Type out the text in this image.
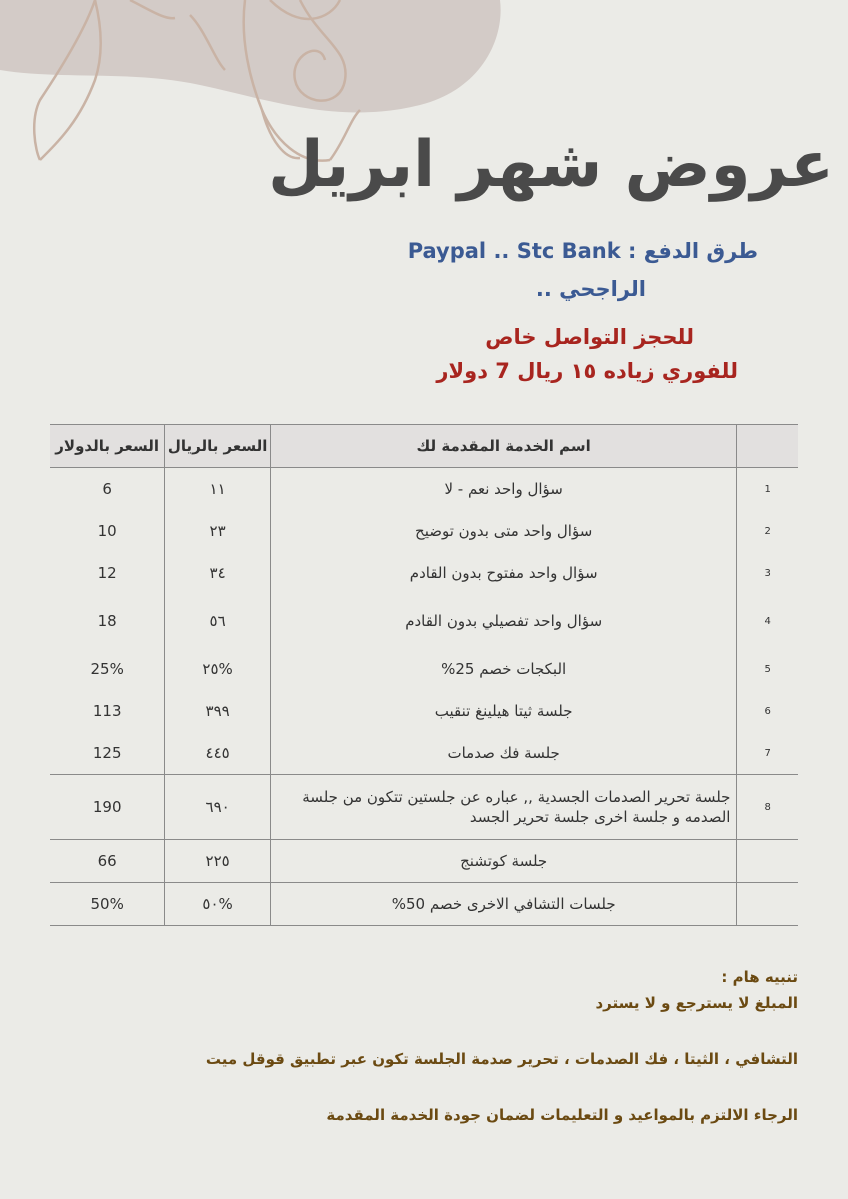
عروض شهر ابريل
طرق الدفع : Paypal .. Stc Bank
الراجحي ..
للحجز التواصل خاص
للفوري زياده ١٥ ريال 7 دولار
السعر بالدولار	السعر بالريال	اسم الخدمة المقدمة لك	
6	١١	سؤال واحد نعم - لا	1
10	٢٣	سؤال واحد متى بدون توضيح	2
12	٣٤	سؤال واحد مفتوح بدون القادم	3
18	٥٦	سؤال واحد تفصيلي بدون القادم	4
25%	٢٥%	البكجات خصم 25%	5
113	٣٩٩	جلسة ثيتا هيلينغ تنقيب	6
125	٤٤٥	جلسة فك صدمات	7
190	٦٩٠	جلسة تحرير الصدمات الجسدية ,, عباره عن جلستين تتكون من جلسة الصدمه و جلسة اخرى جلسة تحرير الجسد	8
66	٢٢٥	جلسة كوتشنج	
50%	٥٠%	جلسات التشافي الاخرى خصم 50%	

تنبيه هام :

المبلغ لا يسترجع و لا يسترد

التشافي ، الثيتا ، فك الصدمات ، تحرير صدمة الجلسة تكون عبر تطبيق قوقل ميت

الرجاء الالتزم بالمواعيد و التعليمات لضمان جودة الخدمة المقدمة
